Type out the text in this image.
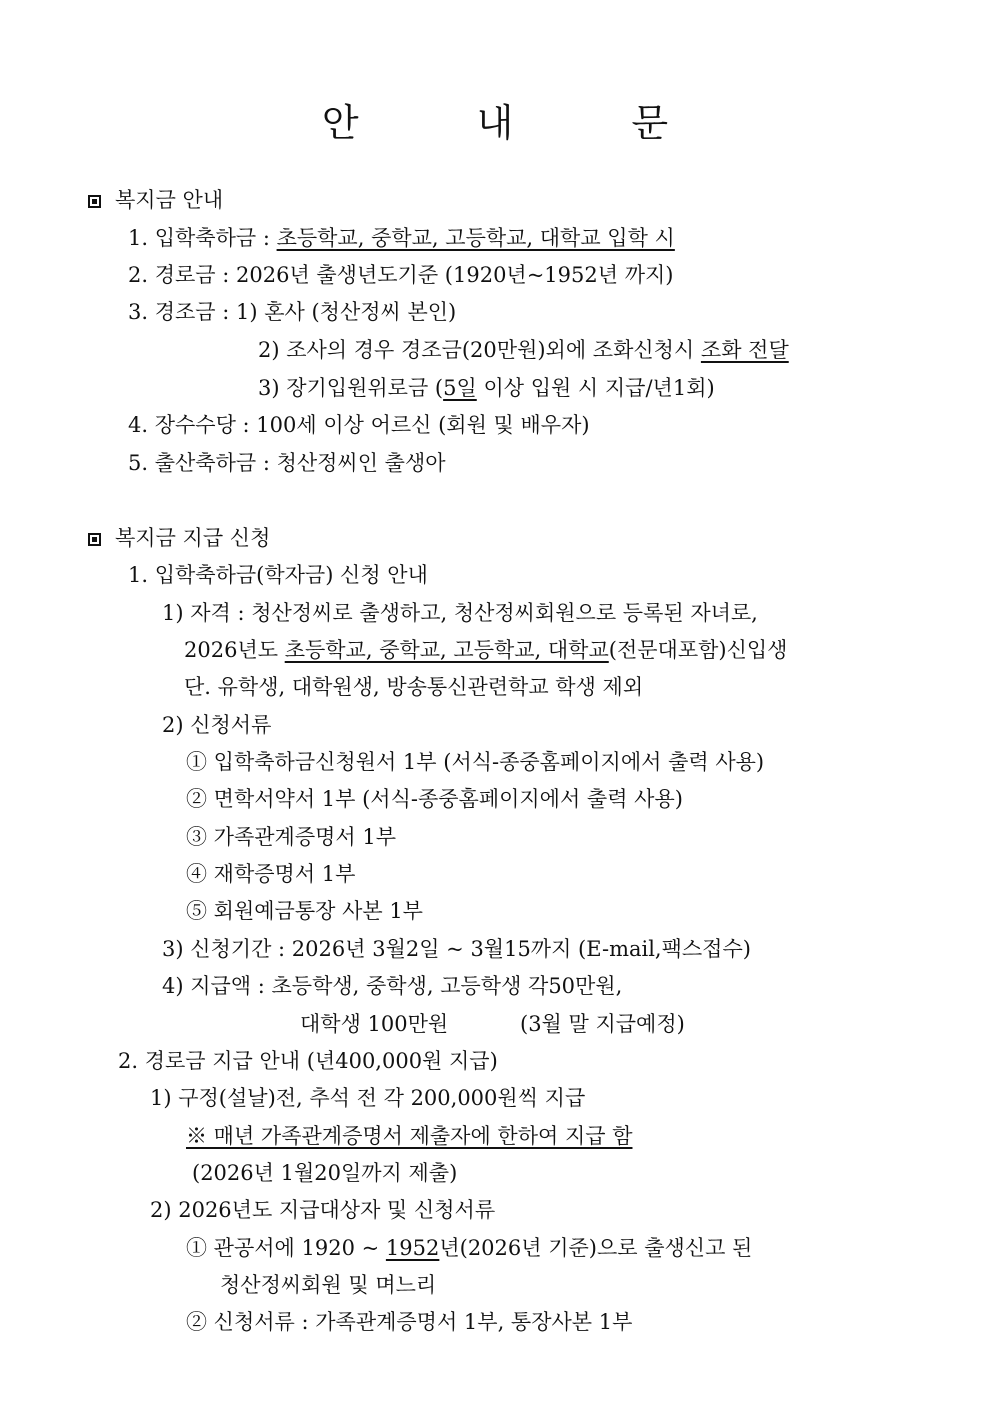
안	내	문
복지금 안내
1. 입학축하금 : 초등학교, 중학교, 고등학교, 대학교 입학 시
2. 경로금 : 2026년 출생년도기준 (1920년~1952년 까지)
3. 경조금 : 1) 혼사 (청산정씨 본인)
2) 조사의 경우 경조금(20만원)외에 조화신청시 조화 전달
3) 장기입원위로금 (5일 이상 입원 시 지급/년1회)
4. 장수수당 : 100세 이상 어르신 (회원 및 배우자)
5. 출산축하금 : 청산정씨인 출생아
복지금 지급 신청
1. 입학축하금(학자금) 신청 안내
1) 자격 : 청산정씨로 출생하고, 청산정씨회원으로 등록된 자녀로,
2026년도 초등학교, 중학교, 고등학교, 대학교(전문대포함)신입생
단. 유학생, 대학원생, 방송통신관련학교 학생 제외
2) 신청서류
① 입학축하금신청원서 1부 (서식-종중홈페이지에서 출력 사용)
② 면학서약서 1부 (서식-종중홈페이지에서 출력 사용)
③ 가족관계증명서 1부
④ 재학증명서 1부
⑤ 회원예금통장 사본 1부
3) 신청기간 : 2026년 3월2일 ~ 3월15까지 (E-mail,팩스접수)
4) 지급액 : 초등학생, 중학생, 고등학생 각50만원,
대학생 100만원	(3월 말 지급예정)
2. 경로금 지급 안내 (년400,000원 지급)
1) 구정(설날)전, 추석 전 각 200,000원씩 지급
※ 매년 가족관계증명서 제출자에 한하여 지급 함
(2026년 1월20일까지 제출)
2) 2026년도 지급대상자 및 신청서류
① 관공서에 1920 ~ 1952년(2026년 기준)으로 출생신고 된
청산정씨회원 및 며느리
② 신청서류 : 가족관계증명서 1부, 통장사본 1부
